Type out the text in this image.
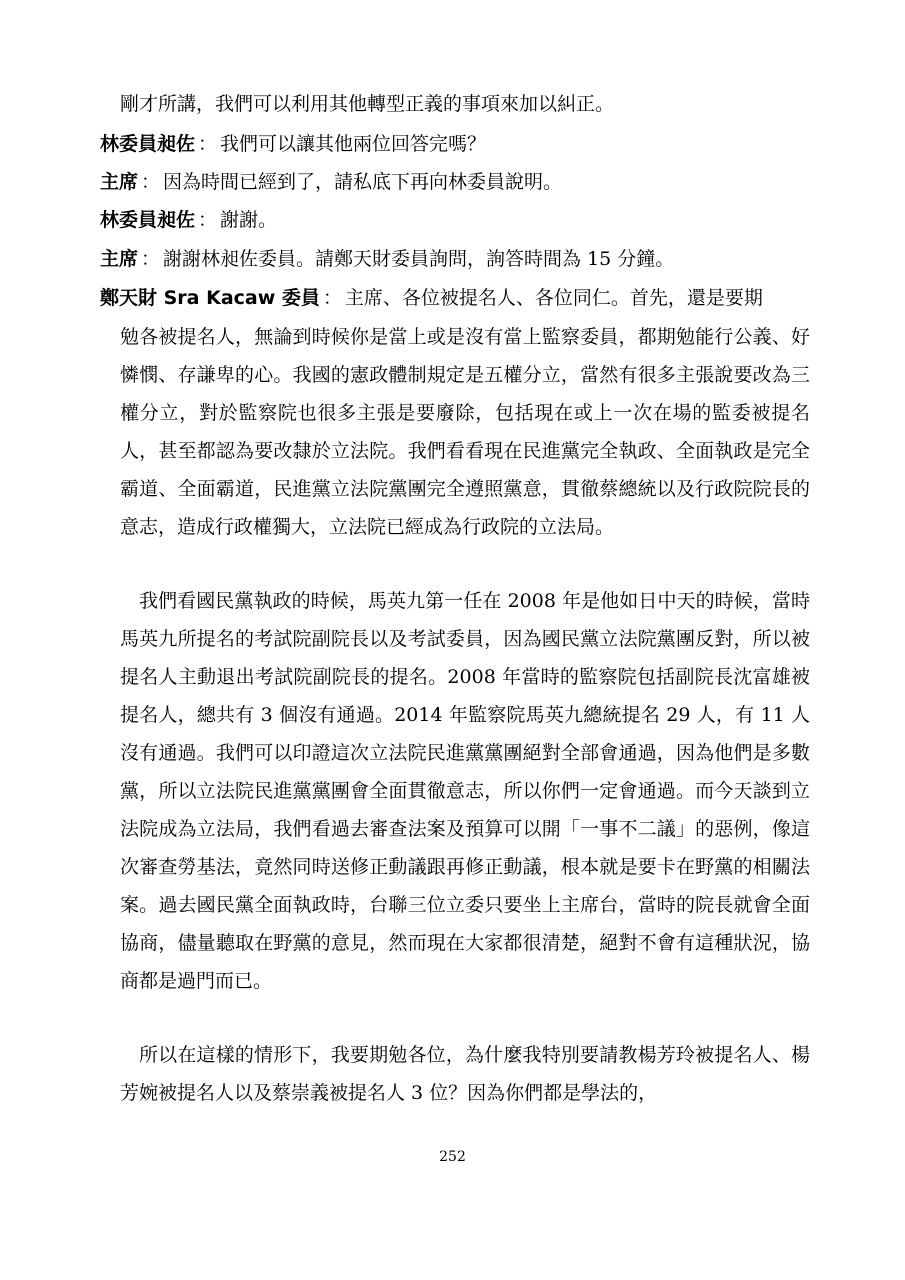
剛才所講，我們可以利用其他轉型正義的事項來加以糾正。
林委員昶佐 ： 我們可以讓其他兩位回答完嗎？
主席 ： 因為時間已經到了，請私底下再向林委員說明。
林委員昶佐 ： 謝謝。
主席 ： 謝謝林昶佐委員。請鄭天財委員詢問，詢答時間為 15 分鐘。
鄭天財 Sra Kacaw 委員 ： 主席、各位被提名人、各位同仁。首先，還是要期
勉各被提名人，無論到時候你是當上或是沒有當上監察委員，都期勉能行公義、好憐憫、存謙卑的心。我國的憲政體制規定是五權分立，當然有很多主張說要改為三權分立，對於監察院也很多主張是要廢除，包括現在或上一次在場的監委被提名人，甚至都認為要改隸於立法院。我們看看現在民進黨完全執政、全面執政是完全霸道、全面霸道，民進黨立法院黨團完全遵照黨意，貫徹蔡總統以及行政院院長的意志，造成行政權獨大，立法院已經成為行政院的立法局。
我們看國民黨執政的時候，馬英九第一任在 2008 年是他如日中天的時候，當時馬英九所提名的考試院副院長以及考試委員，因為國民黨立法院黨團反對，所以被提名人主動退出考試院副院長的提名。2008 年當時的監察院包括副院長沈富雄被提名人，總共有 3 個沒有通過。2014 年監察院馬英九總統提名 29 人，有 11 人沒有通過。我們可以印證這次立法院民進黨黨團絕對全部會通過，因為他們是多數黨，所以立法院民進黨黨團會全面貫徹意志，所以你們一定會通過。而今天談到立法院成為立法局，我們看過去審查法案及預算可以開「一事不二議」的惡例，像這次審查勞基法，竟然同時送修正動議跟再修正動議，根本就是要卡在野黨的相關法案。過去國民黨全面執政時，台聯三位立委只要坐上主席台，當時的院長就會全面協商，儘量聽取在野黨的意見，然而現在大家都很清楚，絕對不會有這種狀況，協商都是過門而已。
所以在這樣的情形下，我要期勉各位，為什麼我特別要請教楊芳玲被提名人、楊芳婉被提名人以及蔡崇義被提名人 3 位？因為你們都是學法的，
252
